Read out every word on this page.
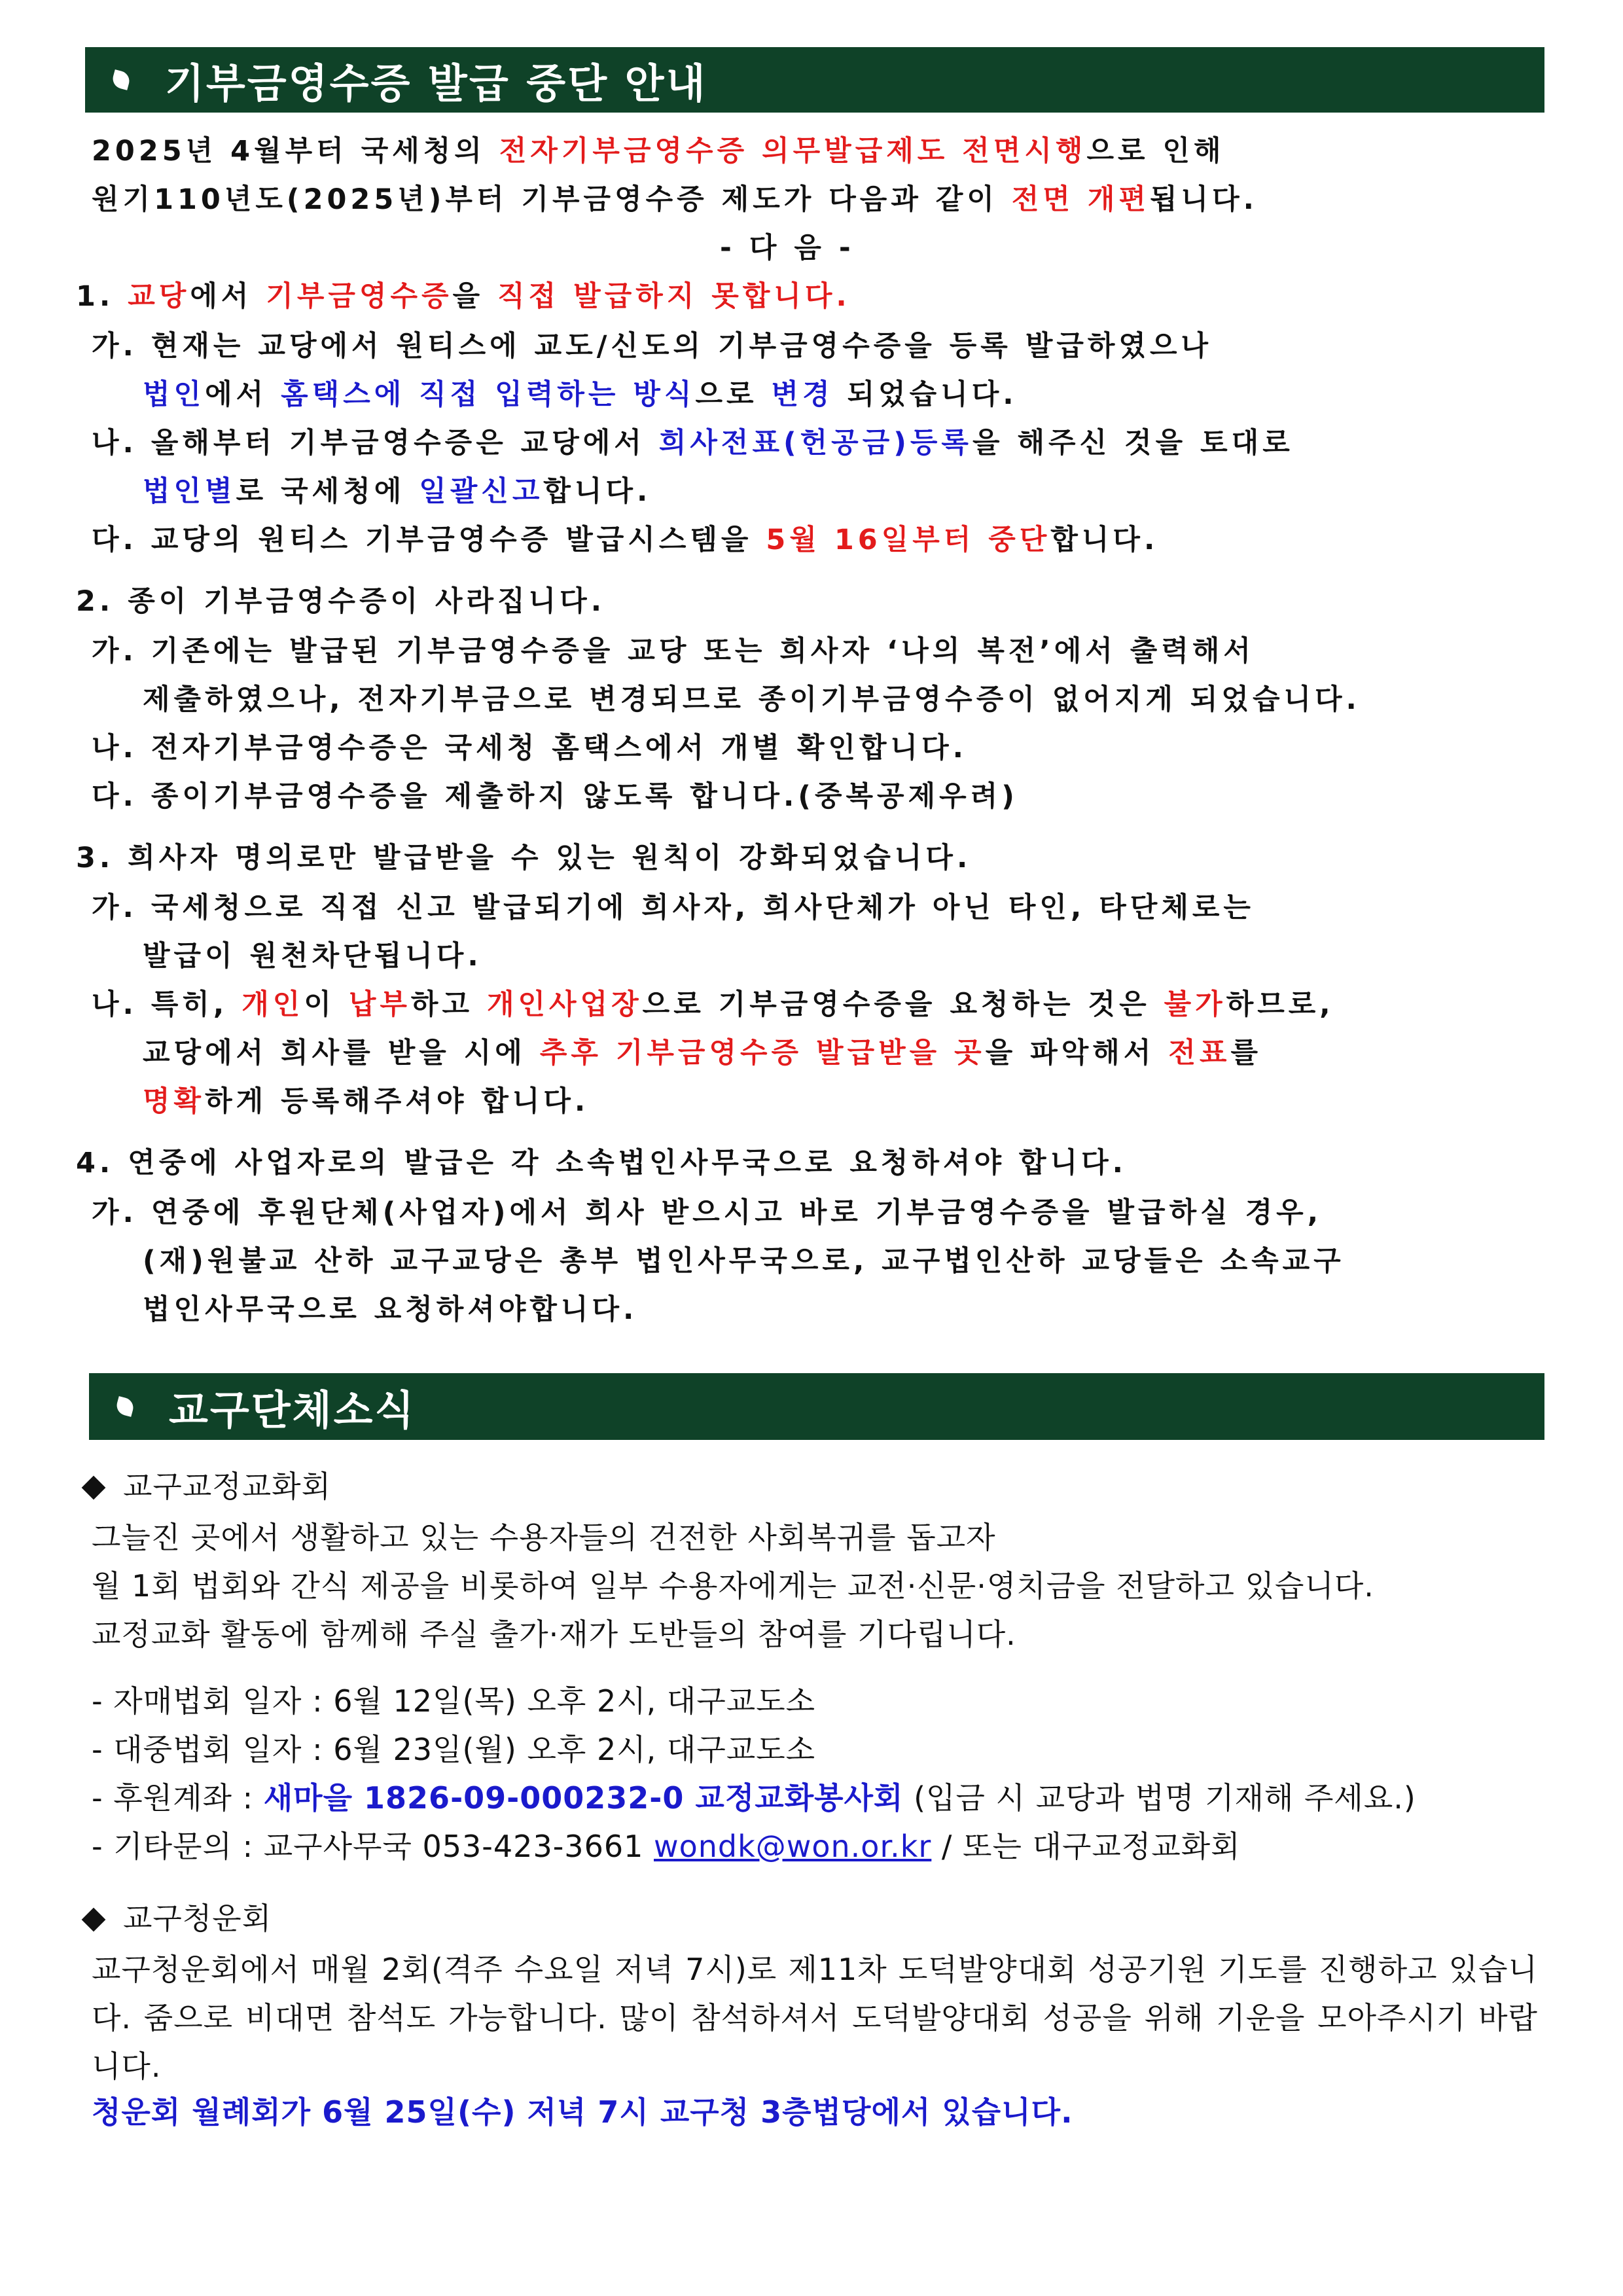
기부금영수증 발급 중단 안내
2025년 4월부터 국세청의 전자기부금영수증 의무발급제도 전면시행으로 인해
원기110년도(2025년)부터 기부금영수증 제도가 다음과 같이 전면 개편됩니다.
- 다 음 -
1. 교당에서 기부금영수증을 직접 발급하지 못합니다.
가. 현재는 교당에서 원티스에 교도/신도의 기부금영수증을 등록 발급하였으나
법인에서 홈택스에 직접 입력하는 방식으로 변경 되었습니다.
나. 올해부터 기부금영수증은 교당에서 희사전표(헌공금)등록을 해주신 것을 토대로
법인별로 국세청에 일괄신고합니다.
다. 교당의 원티스 기부금영수증 발급시스템을 5월 16일부터 중단합니다.
2. 종이 기부금영수증이 사라집니다.
가. 기존에는 발급된 기부금영수증을 교당 또는 희사자 ‘나의 복전’에서 출력해서
제출하였으나, 전자기부금으로 변경되므로 종이기부금영수증이 없어지게 되었습니다.
나. 전자기부금영수증은 국세청 홈택스에서 개별 확인합니다.
다. 종이기부금영수증을 제출하지 않도록 합니다.(중복공제우려)
3. 희사자 명의로만 발급받을 수 있는 원칙이 강화되었습니다.
가. 국세청으로 직접 신고 발급되기에 희사자, 희사단체가 아닌 타인, 타단체로는
발급이 원천차단됩니다.
나. 특히, 개인이 납부하고 개인사업장으로 기부금영수증을 요청하는 것은 불가하므로,
교당에서 희사를 받을 시에 추후 기부금영수증 발급받을 곳을 파악해서 전표를
명확하게 등록해주셔야 합니다.
4. 연중에 사업자로의 발급은 각 소속법인사무국으로 요청하셔야 합니다.
가. 연중에 후원단체(사업자)에서 희사 받으시고 바로 기부금영수증을 발급하실 경우,
(재)원불교 산하 교구교당은 총부 법인사무국으로, 교구법인산하 교당들은 소속교구
법인사무국으로 요청하셔야합니다.
교구단체소식
교구교정교화회
그늘진 곳에서 생활하고 있는 수용자들의 건전한 사회복귀를 돕고자
월 1회 법회와 간식 제공을 비롯하여 일부 수용자에게는 교전·신문·영치금을 전달하고 있습니다.
교정교화 활동에 함께해 주실 출가·재가 도반들의 참여를 기다립니다.
- 자매법회 일자 : 6월 12일(목) 오후 2시, 대구교도소
- 대중법회 일자 : 6월 23일(월) 오후 2시, 대구교도소
- 후원계좌 : 새마을 1826-09-000232-0 교정교화봉사회 (입금 시 교당과 법명 기재해 주세요.)
- 기타문의 : 교구사무국 053-423-3661 wondk@won.or.kr / 또는 대구교정교화회
교구청운회
교구청운회에서 매월 2회(격주 수요일 저녁 7시)로 제11차 도덕발양대회 성공기원 기도를 진행하고 있습니다. 줌으로 비대면 참석도 가능합니다. 많이 참석하셔서 도덕발양대회 성공을 위해 기운을 모아주시기 바랍니다.
청운회 월례회가 6월 25일(수) 저녁 7시 교구청 3층법당에서 있습니다.
